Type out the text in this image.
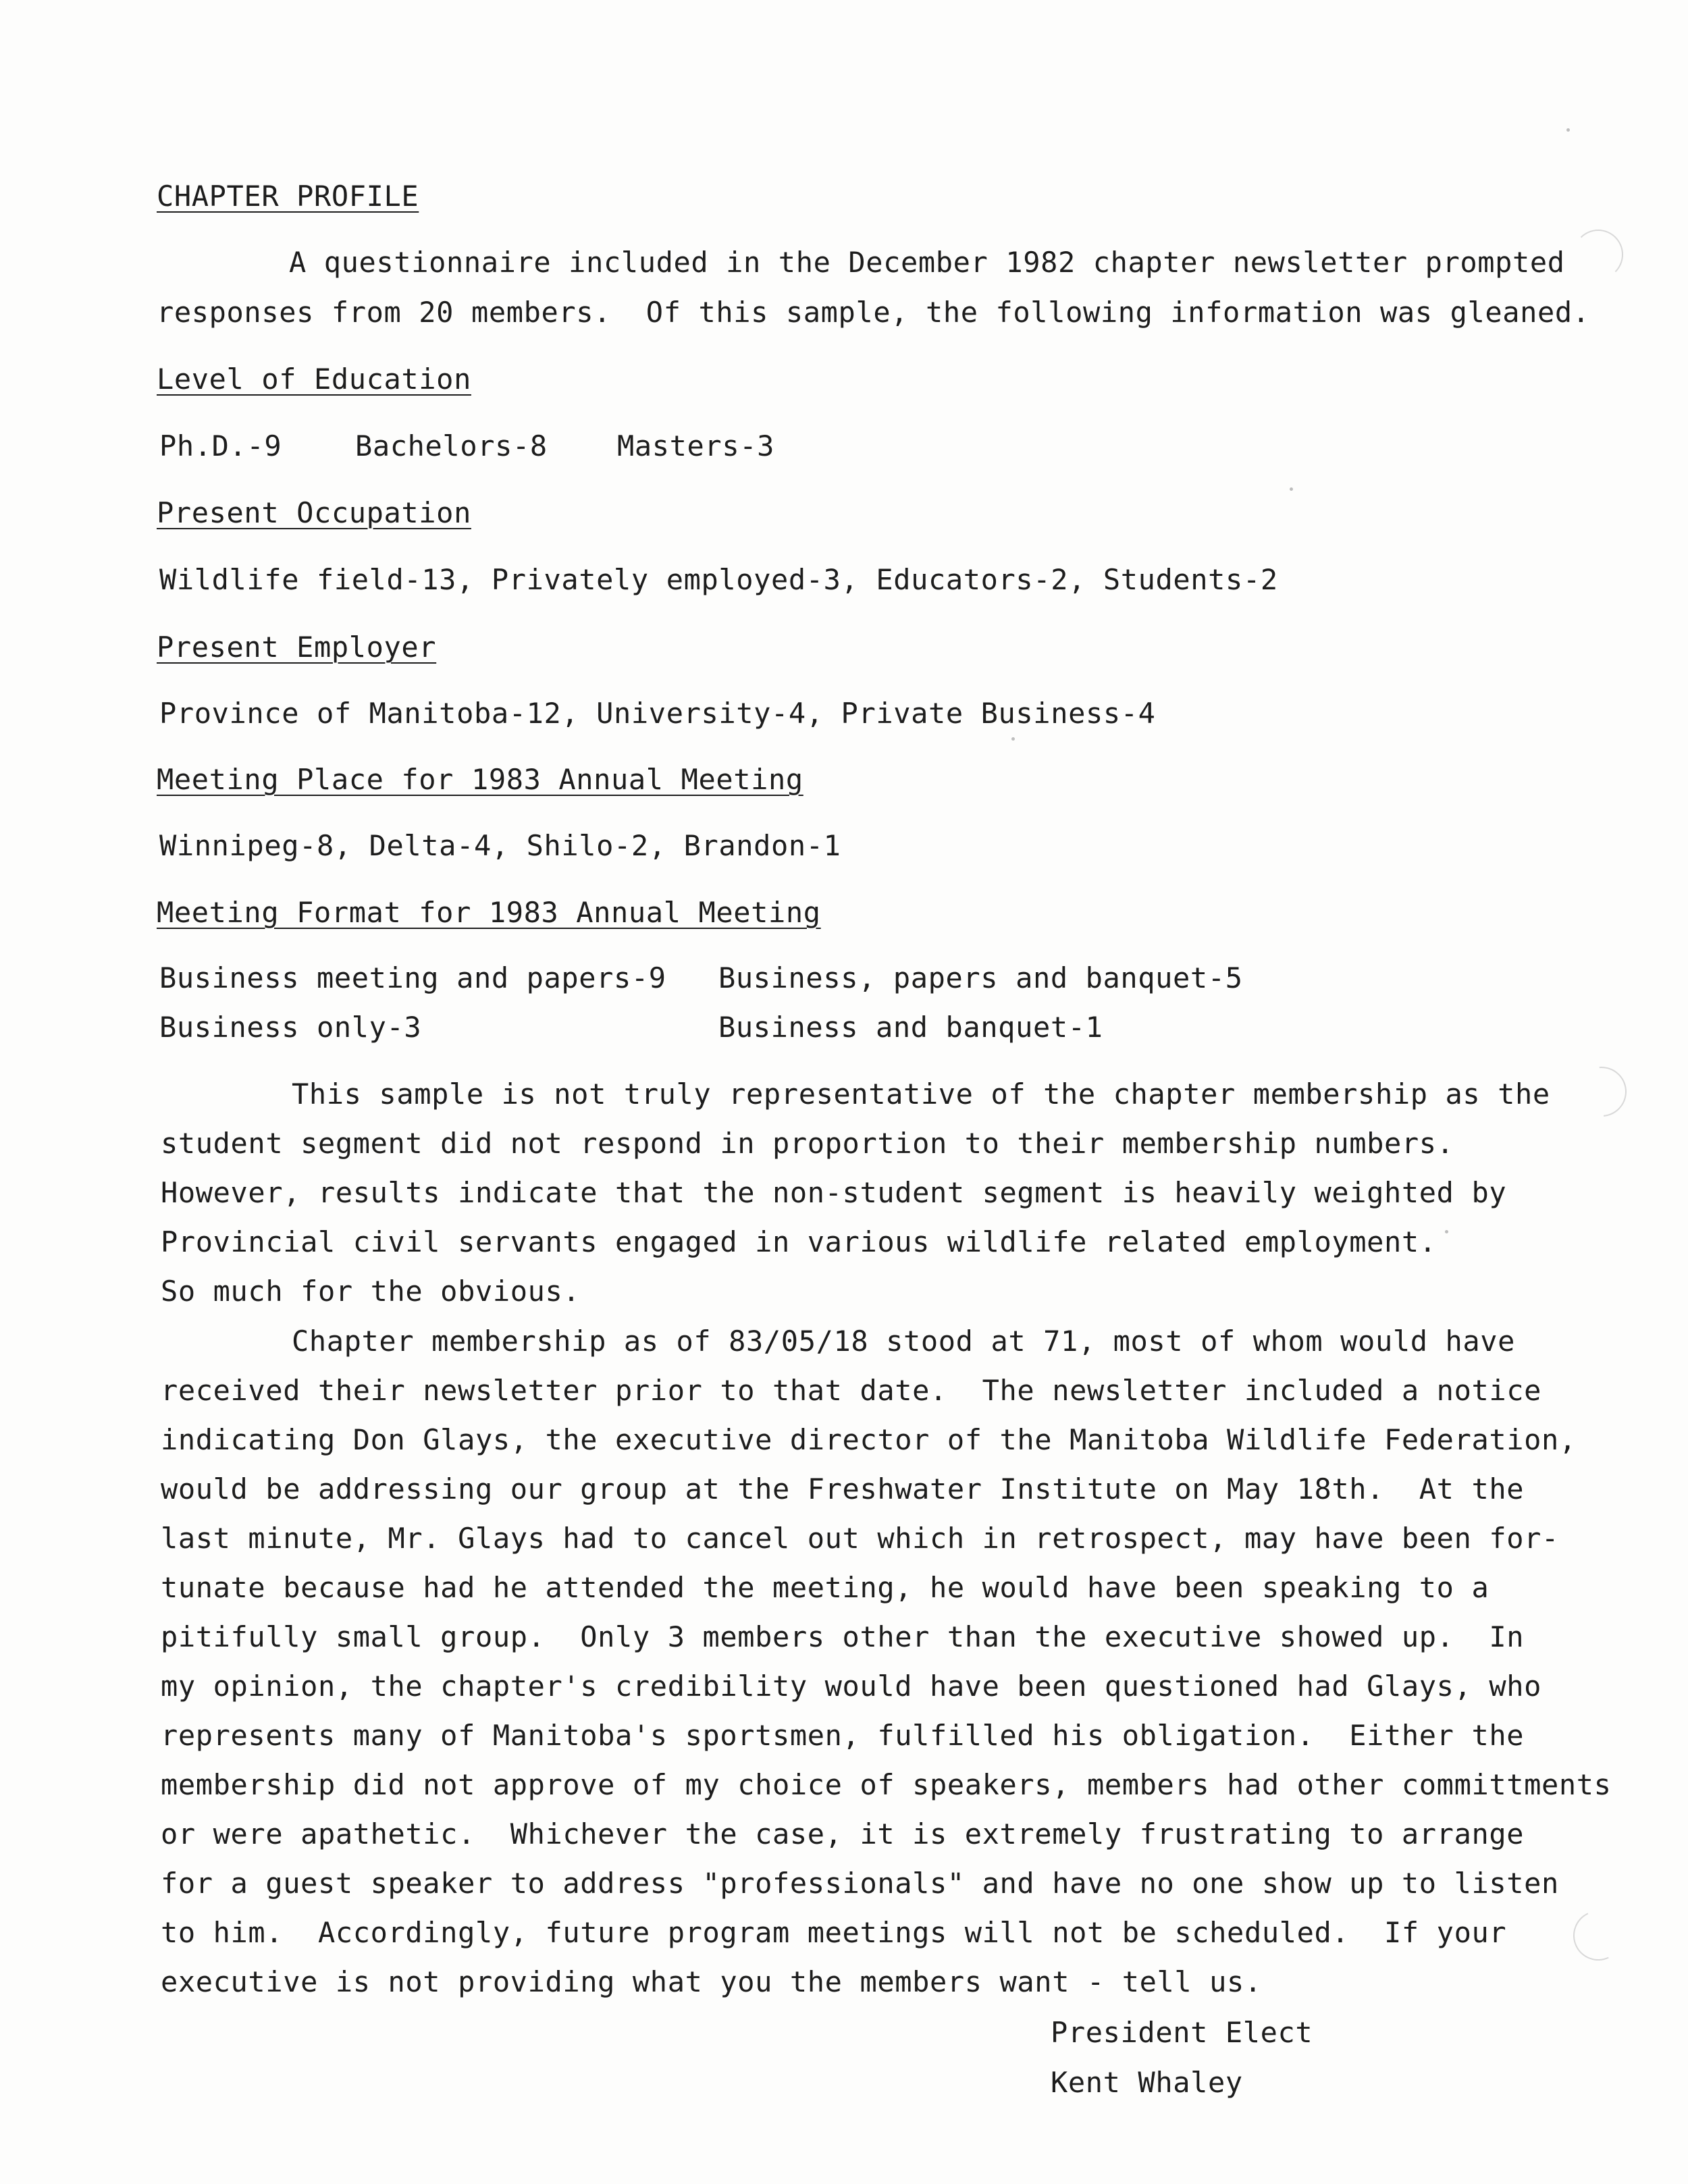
CHAPTER PROFILE
A questionnaire included in the December 1982 chapter newsletter prompted
responses from 20 members.  Of this sample, the following information was gleaned.
Level of Education
Ph.D.-9	Bachelors-8 Masters-3
Present Occupation
Wildlife field-13, Privately employed-3, Educators-2, Students-2
Present Employer
Province of Manitoba-12, University-4, Private Business-4
Meeting Place for 1983 Annual Meeting
Winnipeg-8, Delta-4, Shilo-2, Brandon-1
Meeting Format for 1983 Annual Meeting
Business meeting and papers-9 Business, papers and banquet-5
Business only-3	Business and banquet-1
This sample is not truly representative of the chapter membership as the
student segment did not respond in proportion to their membership numbers.
However, results indicate that the non-student segment is heavily weighted by
Provincial civil servants engaged in various wildlife related employment.
So much for the obvious.
Chapter membership as of 83/05/18 stood at 71, most of whom would have
received their newsletter prior to that date.  The newsletter included a notice
indicating Don Glays, the executive director of the Manitoba Wildlife Federation,
would be addressing our group at the Freshwater Institute on May 18th.  At the
last minute, Mr. Glays had to cancel out which in retrospect, may have been for-
tunate because had he attended the meeting, he would have been speaking to a
pitifully small group.  Only 3 members other than the executive showed up.  In
my opinion, the chapter's credibility would have been questioned had Glays, who
represents many of Manitoba's sportsmen, fulfilled his obligation.  Either the
membership did not approve of my choice of speakers, members had other committments
or were apathetic.  Whichever the case, it is extremely frustrating to arrange
for a guest speaker to address "professionals" and have no one show up to listen
to him.  Accordingly, future program meetings will not be scheduled.  If your
executive is not providing what you the members want - tell us.
President Elect
Kent Whaley
